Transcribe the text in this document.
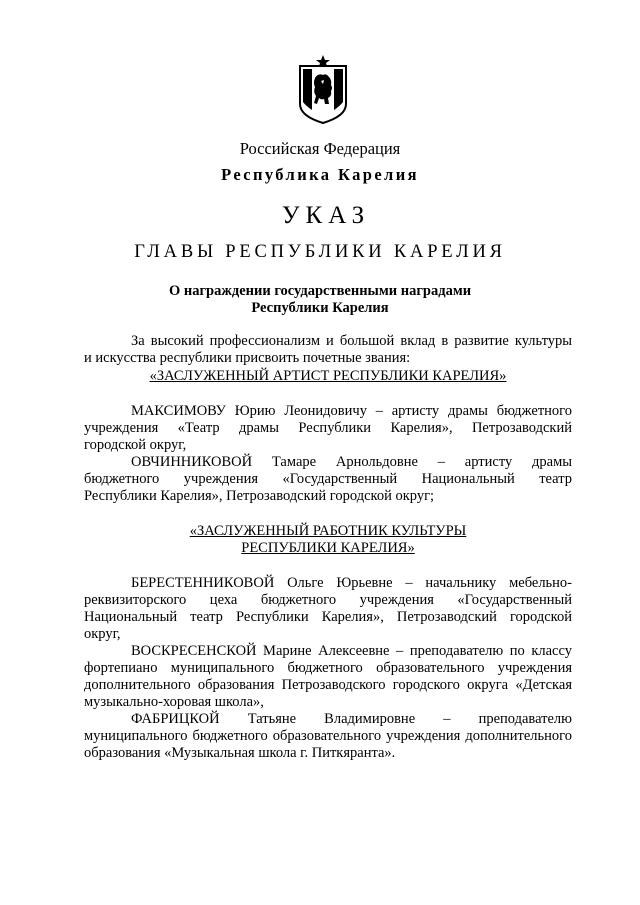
Российская Федерация
Республика Карелия
УКАЗ
ГЛАВЫ РЕСПУБЛИКИ КАРЕЛИЯ
О награждении государственными наградами
Республики Карелия
За высокий профессионализм и большой вклад в развитие культуры
и искусства республики присвоить почетные звания:
«ЗАСЛУЖЕННЫЙ АРТИСТ РЕСПУБЛИКИ КАРЕЛИЯ»
МАКСИМОВУ Юрию Леонидовичу – артисту драмы бюджетного
учреждения «Театр драмы Республики Карелия», Петрозаводский
городской округ,
ОВЧИННИКОВОЙ Тамаре Арнольдовне – артисту драмы
бюджетного учреждения «Государственный Национальный театр
Республики Карелия», Петрозаводский городской округ;
«ЗАСЛУЖЕННЫЙ РАБОТНИК КУЛЬТУРЫ
РЕСПУБЛИКИ КАРЕЛИЯ»
БЕРЕСТЕННИКОВОЙ Ольге Юрьевне – начальнику мебельно-
реквизиторского цеха бюджетного учреждения «Государственный
Национальный театр Республики Карелия», Петрозаводский городской
округ,
ВОСКРЕСЕНСКОЙ Марине Алексеевне – преподавателю по классу
фортепиано муниципального бюджетного образовательного учреждения
дополнительного образования Петрозаводского городского округа «Детская
музыкально-хоровая школа»,
ФАБРИЦКОЙ Татьяне Владимировне – преподавателю
муниципального бюджетного образовательного учреждения дополнительного
образования «Музыкальная школа г. Питкяранта».
